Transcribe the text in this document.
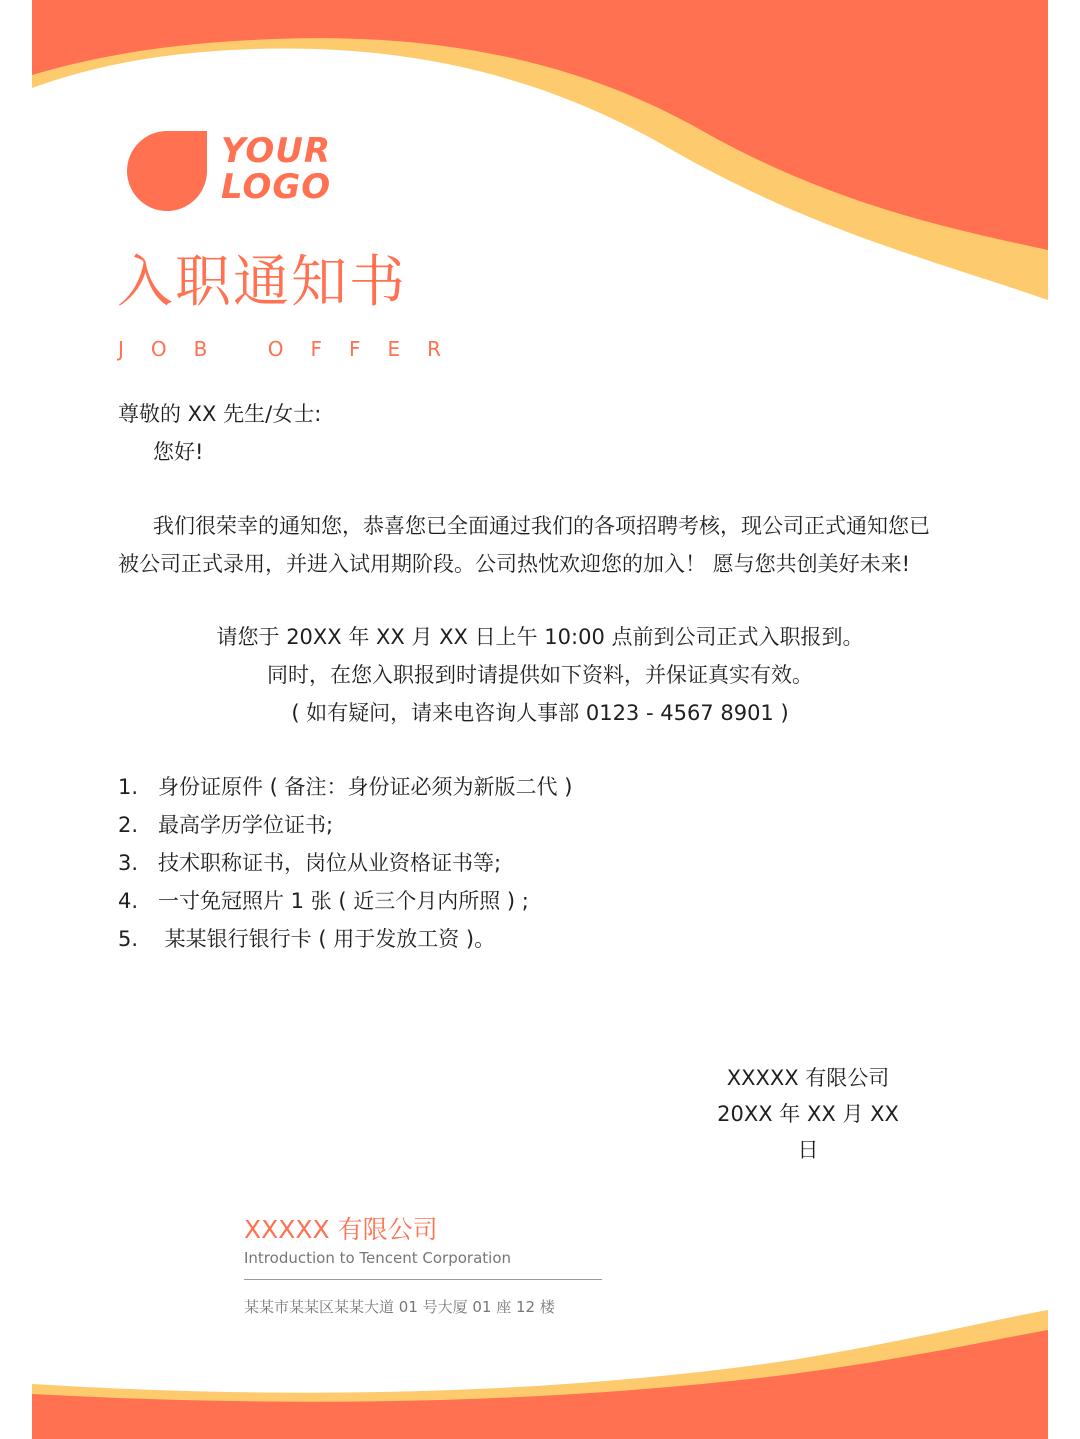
YOUR
LOGO
入职通知书
JOB OFFER
尊敬的 XX 先生/女士:
您好!
我们很荣幸的通知您，恭喜您已全面通过我们的各项招聘考核，现公司正式通知您已
被公司正式录用，并进入试用期阶段。公司热忱欢迎您的加入！ 愿与您共创美好未来!
请您于 20XX 年 XX 月 XX 日上午 10:00 点前到公司正式入职报到。
同时，在您入职报到时请提供如下资料，并保证真实有效。
( 如有疑问，请来电咨询人事部 0123 - 4567 8901 )
1. 身份证原件 ( 备注：身份证必须为新版二代 )
2. 最高学历学位证书;
3. 技术职称证书，岗位从业资格证书等;
4. 一寸免冠照片 1 张 ( 近三个月内所照 ) ;
5. 某某银行银行卡 ( 用于发放工资 )。
XXXXX 有限公司
20XX 年 XX 月 XX 日
XXXXX 有限公司
Introduction to Tencent Corporation
某某市某某区某某大道 01 号大厦 01 座 12 楼
